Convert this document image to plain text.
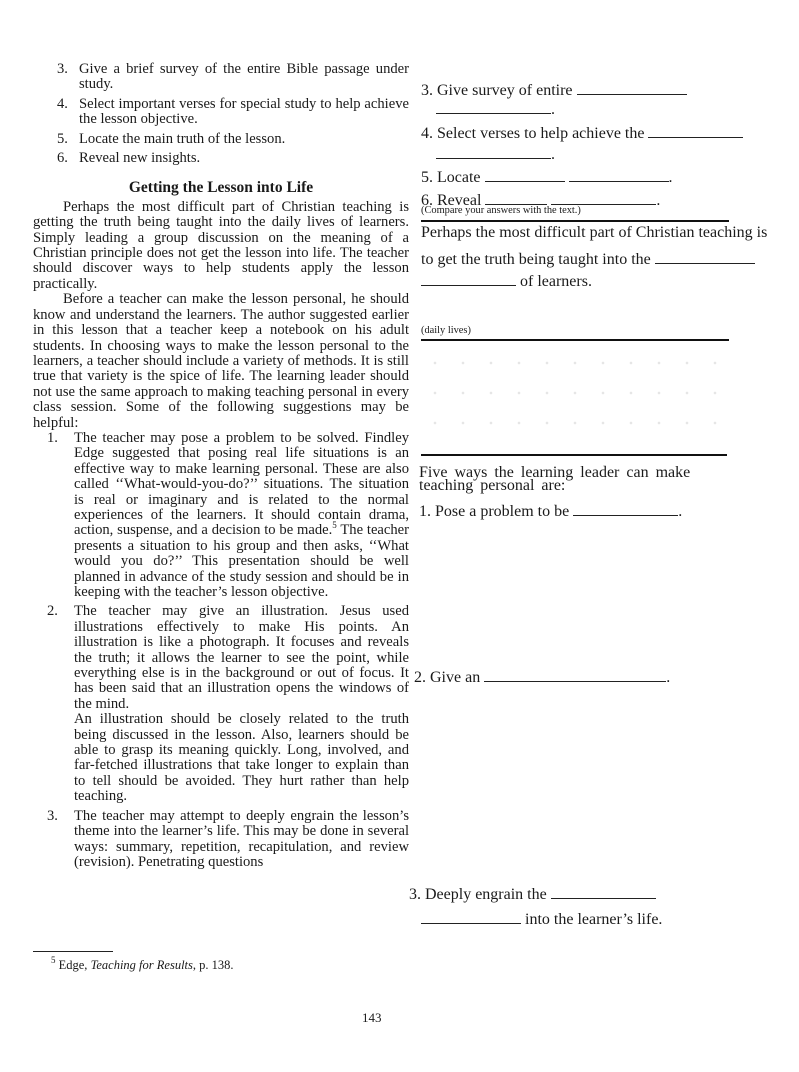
3. Give a brief survey of the entire Bible passage under study.

4. Select important verses for special study to help achieve the lesson objective.

5. Locate the main truth of the lesson.

6. Reveal new insights.

Getting the Lesson into Life

Perhaps the most difficult part of Christian teaching is getting the truth being taught into the daily lives of learners. Simply leading a group discussion on the meaning of a Christian principle does not get the lesson into life. The teacher should discover ways to help students apply the lesson practically.

Before a teacher can make the lesson personal, he should know and understand the learners. The author suggested earlier in this lesson that a teacher keep a notebook on his adult students. In choosing ways to make the lesson personal to the learners, a teacher should include a variety of methods. It is still true that variety is the spice of life. The learning leader should not use the same approach to making teaching personal in every class session. Some of the following suggestions may be helpful:

1. The teacher may pose a problem to be solved. Findley Edge suggested that posing real life situations is an effective way to make learning personal. These are also called ‘‘What-would-you-do?’’ situations. The situation is real or imaginary and is related to the normal experiences of the learners. It should contain drama, action, suspense, and a decision to be made.$^5$ The teacher presents a situation to his group and then asks, ‘‘What would you do?’’ This presentation should be well planned in advance of the study session and should be in keeping with the teacher’s lesson objective.

2. The teacher may give an illustration. Jesus used illustrations effectively to make His points. An illustration is like a photograph. It focuses and reveals the truth; it allows the learner to see the point, while everything else is in the background or out of focus. It has been said that an illustration opens the windows of the mind.

An illustration should be closely related to the truth being discussed in the lesson. Also, learners should be able to grasp its meaning quickly. Long, involved, and far-fetched illustrations that take longer to explain than to tell should be avoided. They hurt rather than help teaching.

3. The teacher may attempt to deeply engrain the lesson’s theme into the learner’s life. This may be done in several ways: summary, repetition, recapitulation, and review (revision). Penetrating questions

$^5$ Edge, Teaching for Results, p. 138.
3. Give survey of entire
.
4. Select verses to help achieve the
.
5. Locate	.
6. Reveal	.
(Compare your answers with the text.)
Perhaps the most difficult part of Christian teaching is
to get the truth being taught into the
of learners.
(daily lives)
Five ways the learning leader can make teaching personal are:
1. Pose a problem to be	.
2. Give an	.
3. Deeply engrain the
into the learner’s life.
143
